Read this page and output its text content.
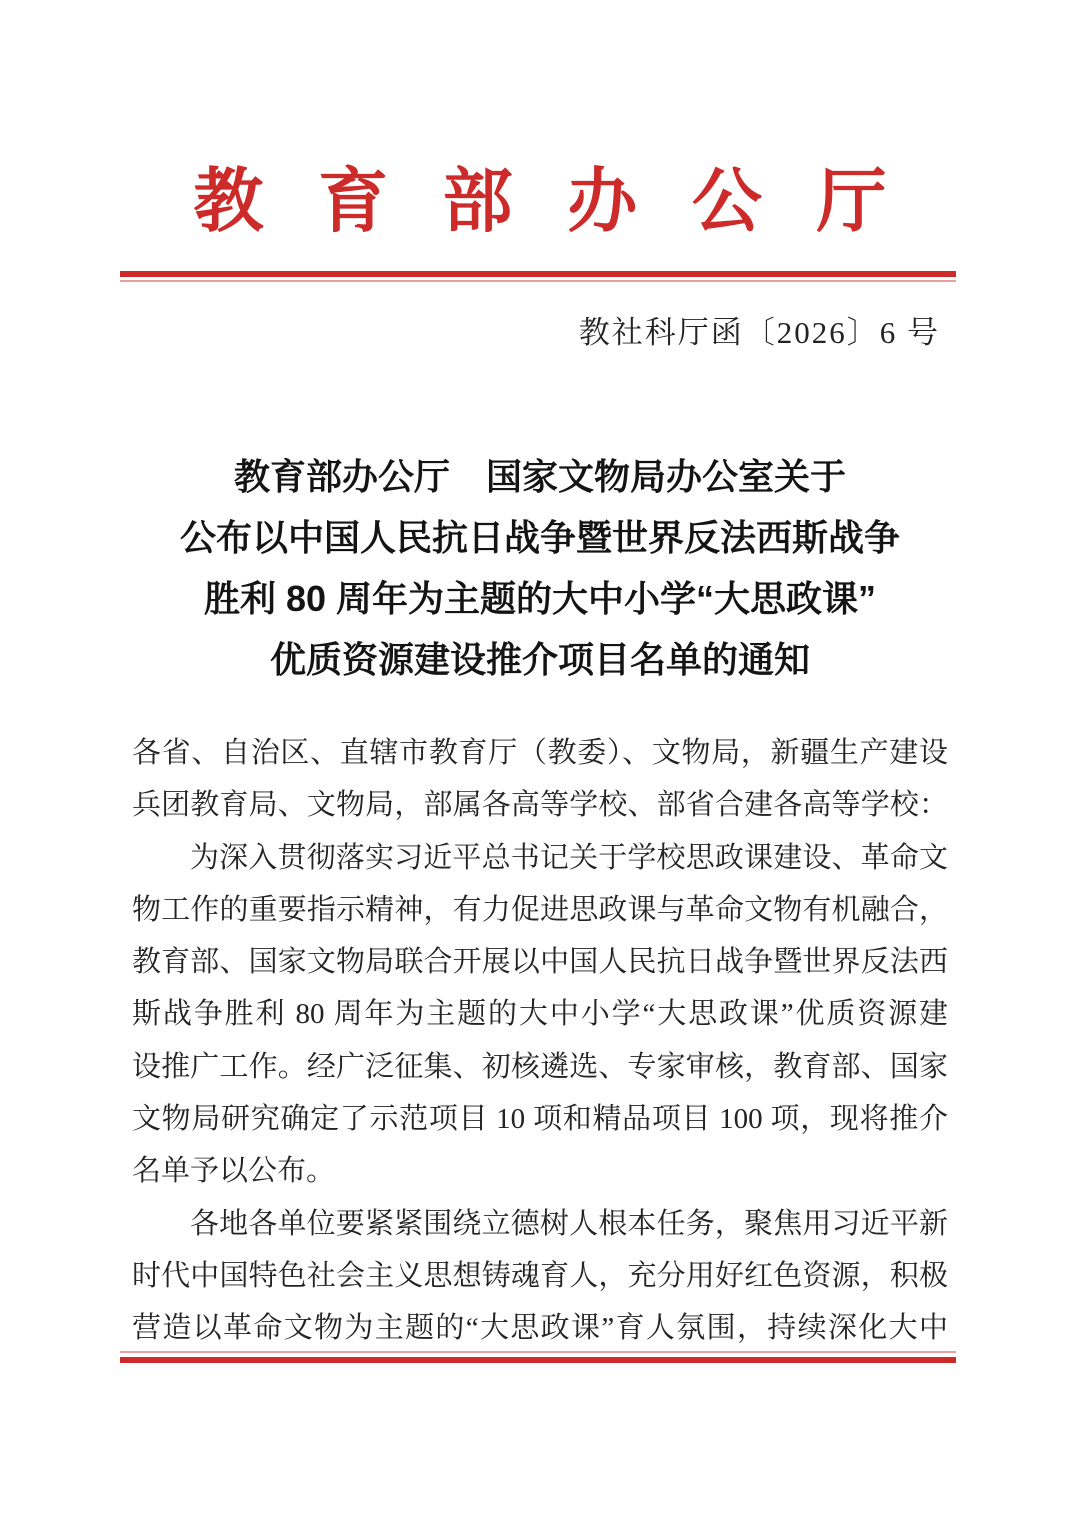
教育部办公厅
教社科厅函〔2026〕6 号
教育部办公厅　国家文物局办公室关于
公布以中国人民抗日战争暨世界反法西斯战争
胜利 80 周年为主题的大中小学“大思政课”
优质资源建设推介项目名单的通知
各省、自治区、直辖市教育厅（教委）、文物局，新疆生产建设
兵团教育局、文物局，部属各高等学校、部省合建各高等学校：
为深入贯彻落实习近平总书记关于学校思政课建设、革命文
物工作的重要指示精神，有力促进思政课与革命文物有机融合，
教育部、国家文物局联合开展以中国人民抗日战争暨世界反法西
斯战争胜利 80 周年为主题的大中小学“大思政课”优质资源建
设推广工作。经广泛征集、初核遴选、专家审核，教育部、国家
文物局研究确定了示范项目 10 项和精品项目 100 项，现将推介
名单予以公布。
各地各单位要紧紧围绕立德树人根本任务，聚焦用习近平新
时代中国特色社会主义思想铸魂育人，充分用好红色资源，积极
营造以革命文物为主题的“大思政课”育人氛围，持续深化大中
